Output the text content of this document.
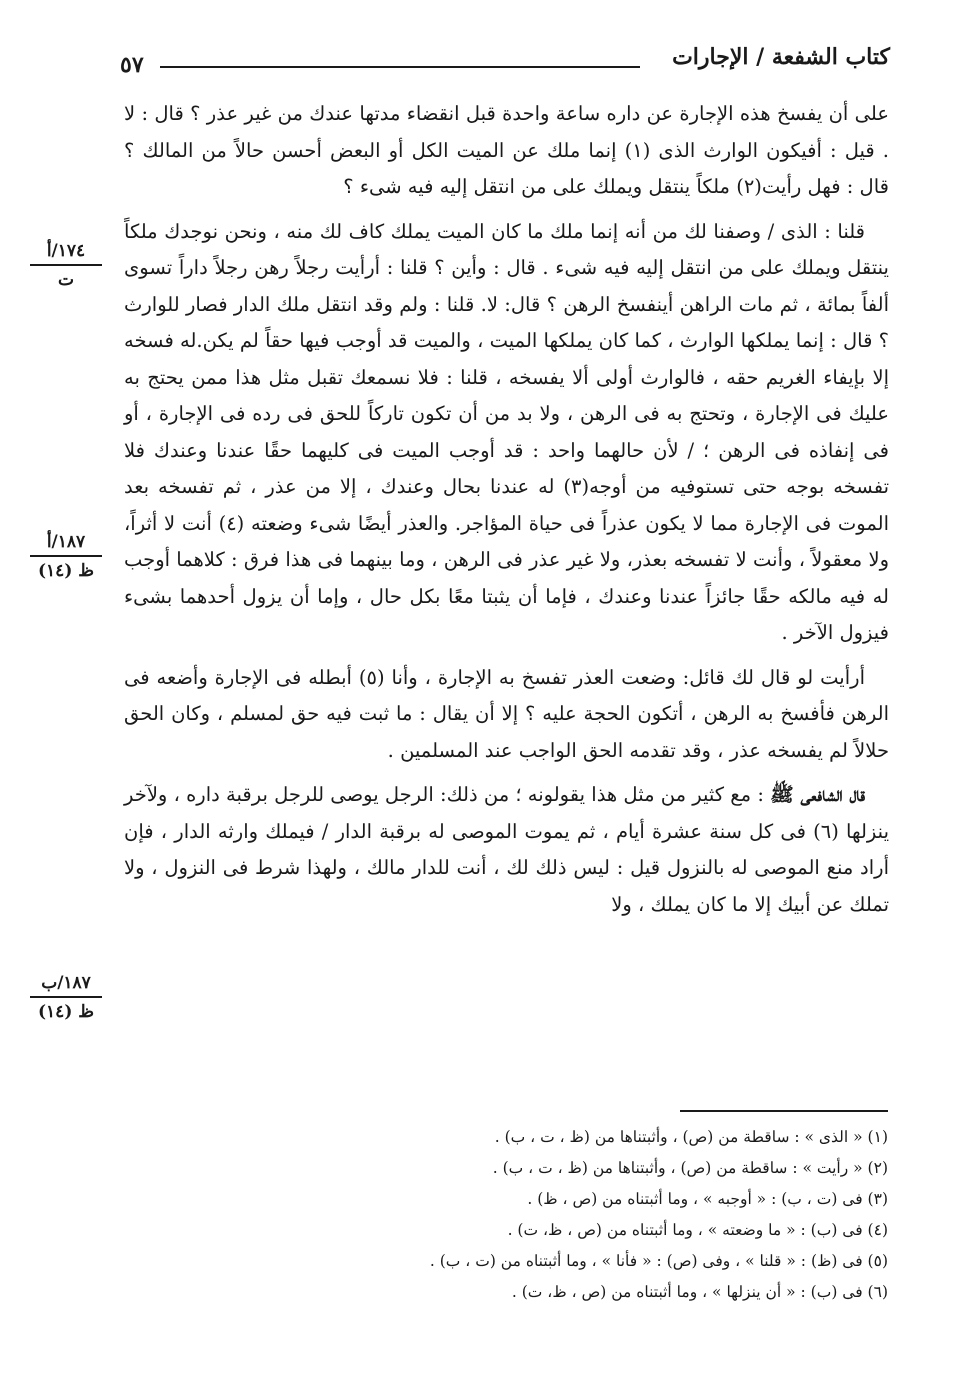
كتاب الشفعة / الإجارات
٥٧
١٧٤/أ
ت
١٨٧/أ
ظ (١٤)
١٨٧/ب
ظ (١٤)

على أن يفسخ هذه الإجارة عن داره ساعة واحدة قبل انقضاء مدتها عندك من غير عذر ؟ قال : لا . قيل : أفيكون الوارث الذى (١) إنما ملك عن الميت الكل أو البعض أحسن حالاً من المالك ؟ قال : فهل رأيت(٢) ملكاً ينتقل ويملك على من انتقل إليه فيه شىء ؟

قلنا : الذى / وصفنا لك من أنه إنما ملك ما كان الميت يملك كاف لك منه ، ونحن نوجدك ملكاً ينتقل ويملك على من انتقل إليه فيه شىء . قال : وأين ؟ قلنا : أرأيت رجلاً رهن رجلاً داراً تسوى ألفاً بمائة ، ثم مات الراهن أينفسخ الرهن ؟ قال: لا. قلنا : ولم وقد انتقل ملك الدار فصار للوارث ؟ قال : إنما يملكها الوارث ، كما كان يملكها الميت ، والميت قد أوجب فيها حقاً لم يكن.له فسخه إلا بإيفاء الغريم حقه ، فالوارث أولى ألا يفسخه ، قلنا : فلا نسمعك تقبل مثل هذا ممن يحتج به عليك فى الإجارة ، وتحتج به فى الرهن ، ولا بد من أن تكون تاركاً للحق فى رده فى الإجارة ، أو فى إنفاذه فى الرهن ؛ / لأن حالهما واحد : قد أوجب الميت فى كليهما حقًا عندنا وعندك فلا تفسخه بوجه حتى تستوفيه من أوجه(٣) له عندنا بحال وعندك ، إلا من عذر ، ثم تفسخه بعد الموت فى الإجارة مما لا يكون عذراً فى حياة المؤاجر. والعذر أيضًا شىء وضعته (٤) أنت لا أثراً، ولا معقولاً ، وأنت لا تفسخه بعذر، ولا غير عذر فى الرهن ، وما بينهما فى هذا فرق : كلاهما أوجب له فيه مالكه حقًا جائزاً عندنا وعندك ، فإما أن يثبتا معًا بكل حال ، وإما أن يزول أحدهما بشىء فيزول الآخر .

أرأيت لو قال لك قائل: وضعت العذر تفسخ به الإجارة ، وأنا (٥) أبطله فى الإجارة وأضعه فى الرهن فأفسخ به الرهن ، أتكون الحجة عليه ؟ إلا أن يقال : ما ثبت فيه حق لمسلم ، وكان الحق حلالاً لم يفسخه عذر ، وقد تقدمه الحق الواجب عند المسلمين .

قال الشافعى ﷺ : مع كثير من مثل هذا يقولونه ؛ من ذلك: الرجل يوصى للرجل برقبة داره ، ولآخر ينزلها (٦) فى كل سنة عشرة أيام ، ثم يموت الموصى له برقبة الدار / فيملك وارثه الدار ، فإن أراد منع الموصى له بالنزول قيل : ليس ذلك لك ، أنت للدار مالك ، ولهذا شرط فى النزول ، ولا تملك عن أبيك إلا ما كان يملك ، ولا

(١) « الذى » : ساقطة من (ص) ، وأثبتناها من (ظ ، ت ، ب) .
(٢) « رأيت » : ساقطة من (ص) ، وأثبتناها من (ظ ، ت ، ب) .
(٣) فى (ت ، ب) : « أوجبه » ، وما أثبتناه من (ص ، ظ) .
(٤) فى (ب) : « ما وضعته » ، وما أثبتناه من (ص ، ظ، ت) .
(٥) فى (ظ) : « قلنا » ، وفى (ص) : « فأنا » ، وما أثبتناه من (ت ، ب) .
(٦) فى (ب) : « أن ينزلها » ، وما أثبتناه من (ص ، ظ، ت) .
